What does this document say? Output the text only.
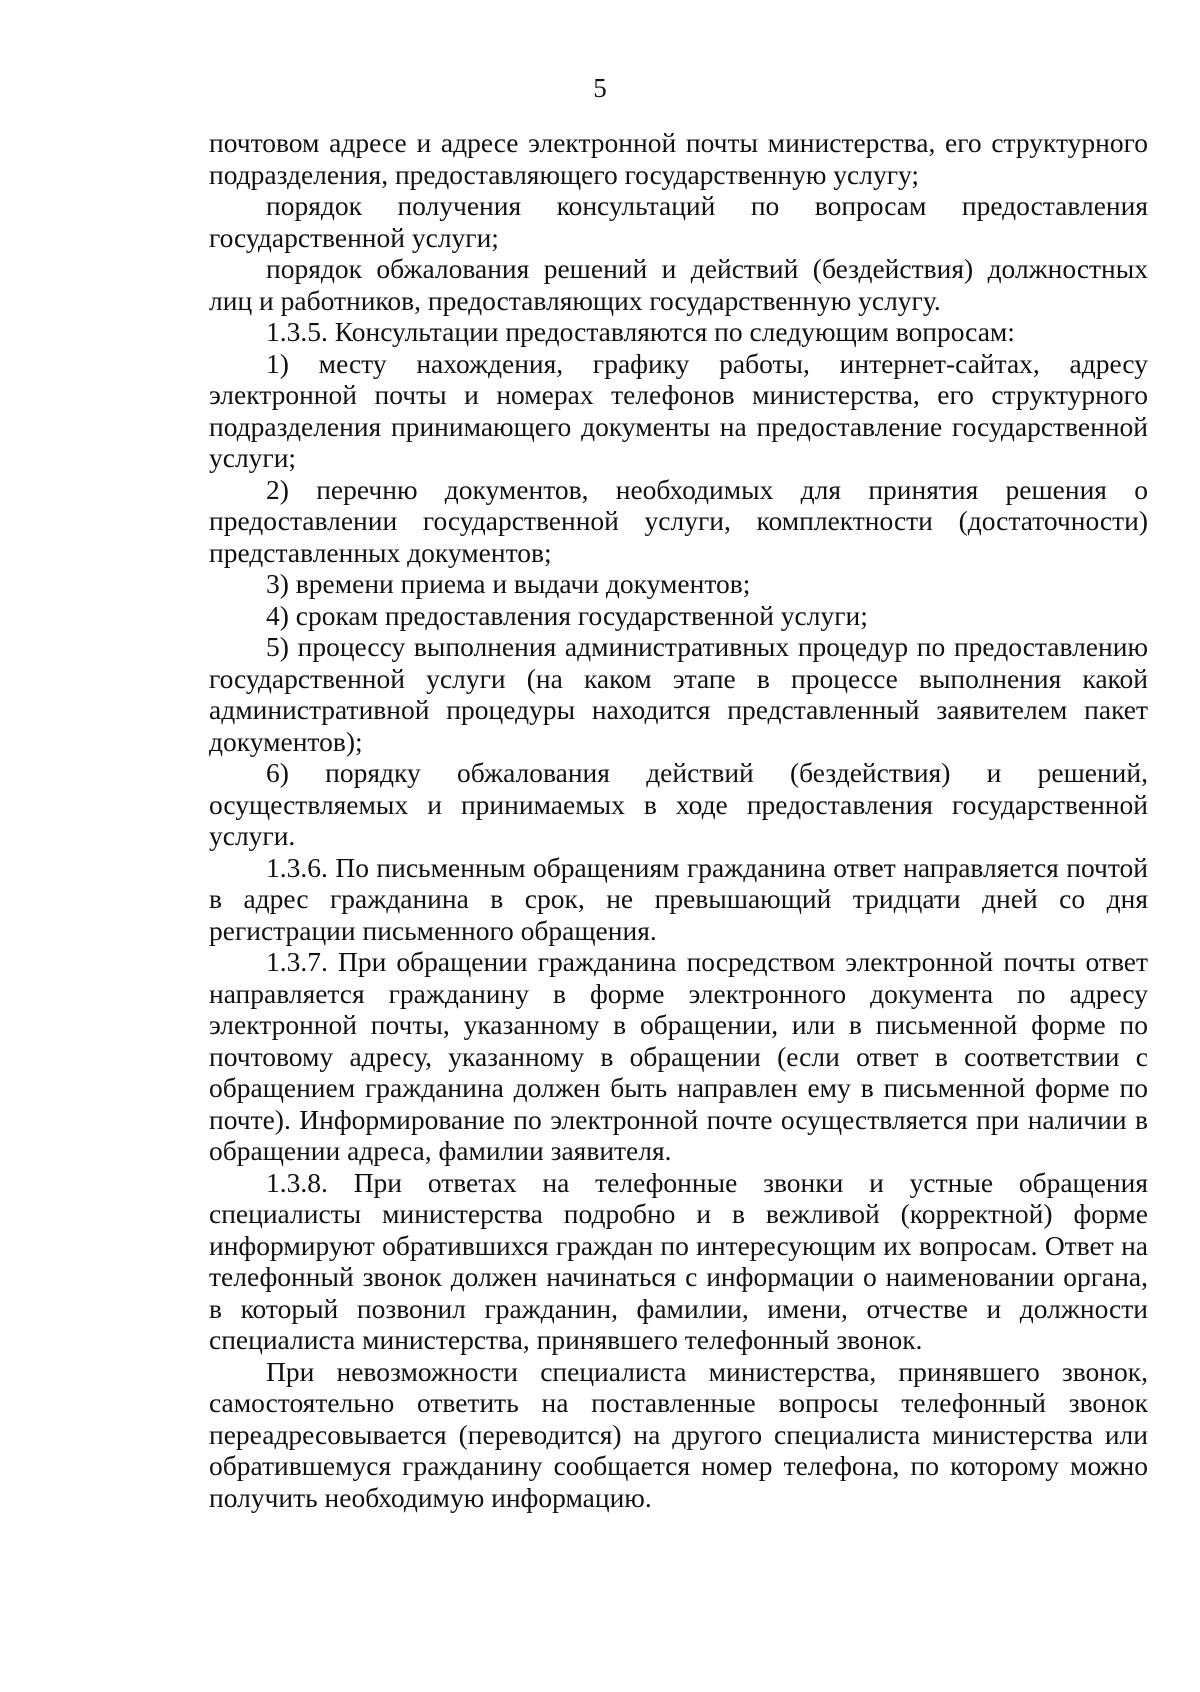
5

почтовом адресе и адресе электронной почты министерства, его структурного подразделения, предоставляющего государственную услугу;

порядок получения консультаций по вопросам предоставления государственной услуги;

порядок обжалования решений и действий (бездействия) должностных лиц и работников, предоставляющих государственную услугу.

1.3.5. Консультации предоставляются по следующим вопросам:

1) месту нахождения, графику работы, интернет-сайтах, адресу электронной почты и номерах телефонов министерства, его структурного подразделения принимающего документы на предоставление государственной услуги;

2) перечню документов, необходимых для принятия решения о предоставлении государственной услуги, комплектности (достаточности) представленных документов;

3) времени приема и выдачи документов;

4) срокам предоставления государственной услуги;

5) процессу выполнения административных процедур по предоставлению государственной услуги (на каком этапе в процессе выполнения какой административной процедуры находится представленный заявителем пакет документов);

6) порядку обжалования действий (бездействия) и решений, осуществляемых и принимаемых в ходе предоставления государственной услуги.

1.3.6. По письменным обращениям гражданина ответ направляется почтой в адрес гражданина в срок, не превышающий тридцати дней со дня регистрации письменного обращения.

1.3.7. При обращении гражданина посредством электронной почты ответ направляется гражданину в форме электронного документа по адресу электронной почты, указанному в обращении, или в письменной форме по почтовому адресу, указанному в обращении (если ответ в соответствии с обращением гражданина должен быть направлен ему в письменной форме по почте). Информирование по электронной почте осуществляется при наличии в обращении адреса, фамилии заявителя.

1.3.8. При ответах на телефонные звонки и устные обращения специалисты министерства подробно и в вежливой (корректной) форме информируют обратившихся граждан по интересующим их вопросам. Ответ на телефонный звонок должен начинаться с информации о наименовании органа, в который позвонил гражданин, фамилии, имени, отчестве и должности специалиста министерства, принявшего телефонный звонок.

При невозможности специалиста министерства, принявшего звонок, самостоятельно ответить на поставленные вопросы телефонный звонок переадресовывается (переводится) на другого специалиста министерства или обратившемуся гражданину сообщается номер телефона, по которому можно получить необходимую информацию.
